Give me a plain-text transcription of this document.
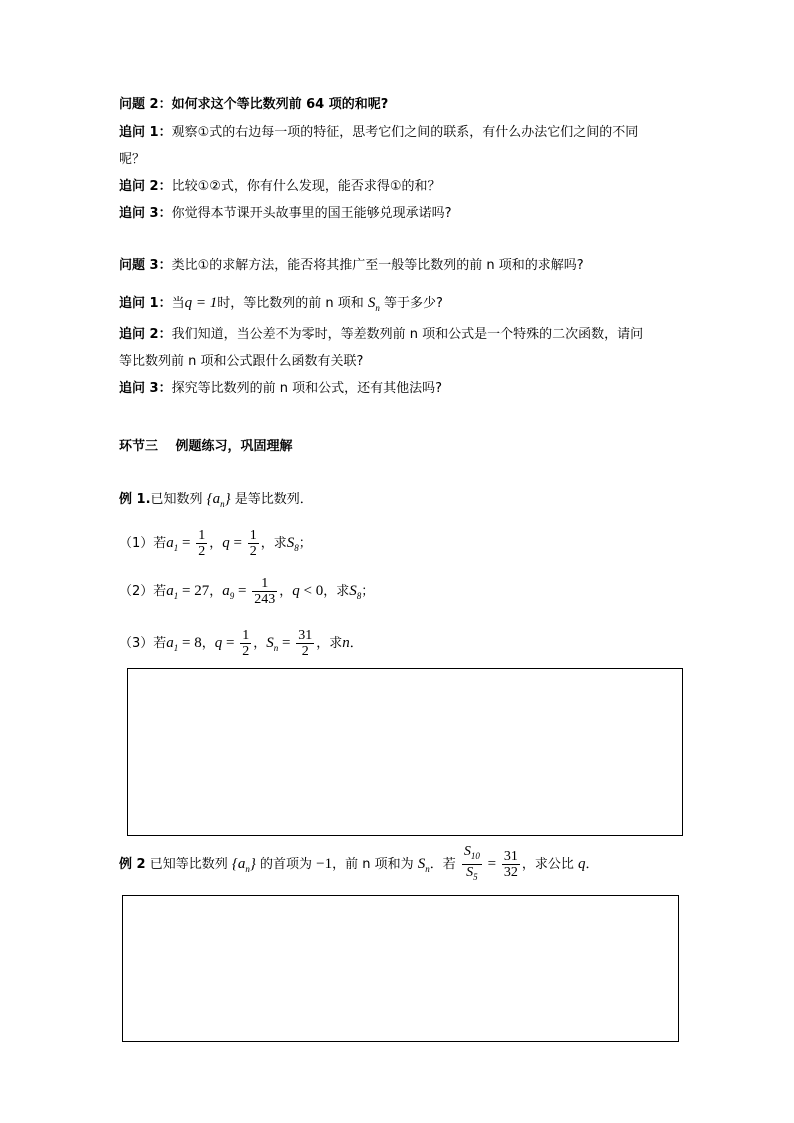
问题 2：如何求这个等比数列前 64 项的和呢?
追问 1：观察①式的右边每一项的特征，思考它们之间的联系，有什么办法它们之间的不同
呢？
追问 2：比较①②式，你有什么发现，能否求得①的和？
追问 3：你觉得本节课开头故事里的国王能够兑现承诺吗?
问题 3：类比①的求解方法，能否将其推广至一般等比数列的前 n 项和的求解吗?
追问 1：当q = 1时，等比数列的前 n 项和 $S_n$ 等于多少?
追问 2：我们知道，当公差不为零时，等差数列前 n 项和公式是一个特殊的二次函数，请问
等比数列前 n 项和公式跟什么函数有关联?
追问 3：探究等比数列的前 n 项和公式，还有其他法吗?
环节三　 例题练习，巩固理解
例 1.已知数列 $\{a_n\}$ 是等比数列．
（1）若$a_1 = \frac{1}{2}$ ，$q = \frac{1}{2}$ ，求$S_8$；
（2）若$a_1 = 27$，$a_9 = \frac{1}{243}$ ，q < 0，求$S_8$；
（3）若$a_1 = 8$，$q = \frac{1}{2}$ ，$S_n = \frac{31}{2}$ ，求n．
例 2 已知等比数列 $\{a_n\}$ 的首项为 −1，前 n 项和为 $S_n$．若 $\frac{S_{10}}{S_5} = \frac{31}{32}$ ，求公比 q．
